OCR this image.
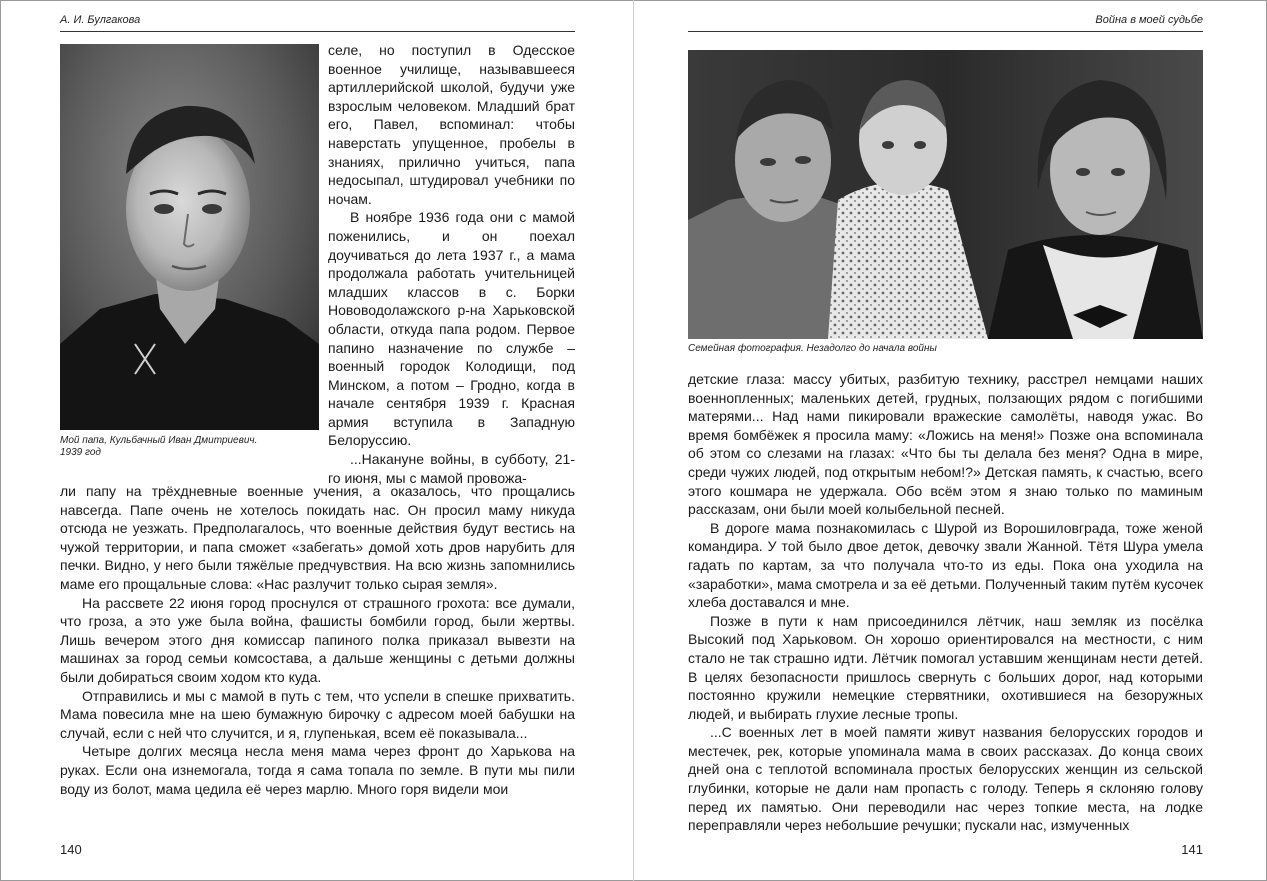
А. И. Булгакова
Мой папа, Кульбачный Иван Дмитриевич.
1939 год

селе, но поступил в Одесское военное училище, называвшееся артиллерийской школой, будучи уже взрослым человеком. Младший брат его, Павел, вспоминал: чтобы наверстать упущенное, пробелы в знаниях, прилично учиться, папа недосыпал, штудировал учебники по ночам.

В ноябре 1936 года они с мамой поженились, и он поехал доучиваться до лета 1937 г., а мама продолжала работать учительницей младших классов в с. Борки Нововодолажского р-на Харьковской области, откуда папа родом. Первое папино назначение по службе – военный городок Колодищи, под Минском, а потом – Гродно, когда в начале сентября 1939 г. Красная армия вступила в Западную Белоруссию.

...Накануне войны, в субботу, 21-го июня, мы с мамой провожа-

ли папу на трёхдневные военные учения, а оказалось, что прощались навсегда. Папе очень не хотелось покидать нас. Он просил маму никуда отсюда не уезжать. Предполагалось, что военные действия будут вестись на чужой территории, и папа сможет «забегать» домой хоть дров нарубить для печки. Видно, у него были тяжёлые предчувствия. На всю жизнь запомнились маме его прощальные слова: «Нас разлучит только сырая земля».

На рассвете 22 июня город проснулся от страшного грохота: все думали, что гроза, а это уже была война, фашисты бомбили город, были жертвы. Лишь вечером этого дня комиссар папиного полка приказал вывезти на машинах за город семьи комсостава, а дальше женщины с детьми должны были добираться своим ходом кто куда.

Отправились и мы с мамой в путь с тем, что успели в спешке прихватить. Мама повесила мне на шею бумажную бирочку с адресом моей бабушки на случай, если с ней что случится, и я, глупенькая, всем её показывала...

Четыре долгих месяца несла меня мама через фронт до Харькова на руках. Если она изнемогала, тогда я сама топала по земле. В пути мы пили воду из болот, мама цедила её через марлю. Много горя видели мои

140
Война в моей судьбе
Семейная фотография. Незадолго до начала войны

детские глаза: массу убитых, разбитую технику, расстрел немцами наших военнопленных; маленьких детей, грудных, ползающих рядом с погибшими матерями... Над нами пикировали вражеские самолёты, наводя ужас. Во время бомбёжек я просила маму: «Ложись на меня!» Позже она вспоминала об этом со слезами на глазах: «Что бы ты делала без меня? Одна в мире, среди чужих людей, под открытым небом!?» Детская память, к счастью, всего этого кошмара не удержала. Обо всём этом я знаю только по маминым рассказам, они были моей колыбельной песней.

В дороге мама познакомилась с Шурой из Ворошиловграда, тоже женой командира. У той было двое деток, девочку звали Жанной. Тётя Шура умела гадать по картам, за что получала что-то из еды. Пока она уходила на «заработки», мама смотрела и за её детьми. Полученный таким путём кусочек хлеба доставался и мне.

Позже в пути к нам присоединился лётчик, наш земляк из посёлка Высокий под Харьковом. Он хорошо ориентировался на местности, с ним стало не так страшно идти. Лётчик помогал уставшим женщинам нести детей. В целях безопасности пришлось свернуть с больших дорог, над которыми постоянно кружили немецкие стервятники, охотившиеся на безоружных людей, и выбирать глухие лесные тропы.

...С военных лет в моей памяти живут названия белорусских городов и местечек, рек, которые упоминала мама в своих рассказах. До конца своих дней она с теплотой вспоминала простых белорусских женщин из сельской глубинки, которые не дали нам пропасть с голоду. Теперь я склоняю голову перед их памятью. Они переводили нас через топкие места, на лодке переправляли через небольшие речушки; пускали нас, измученных

141
